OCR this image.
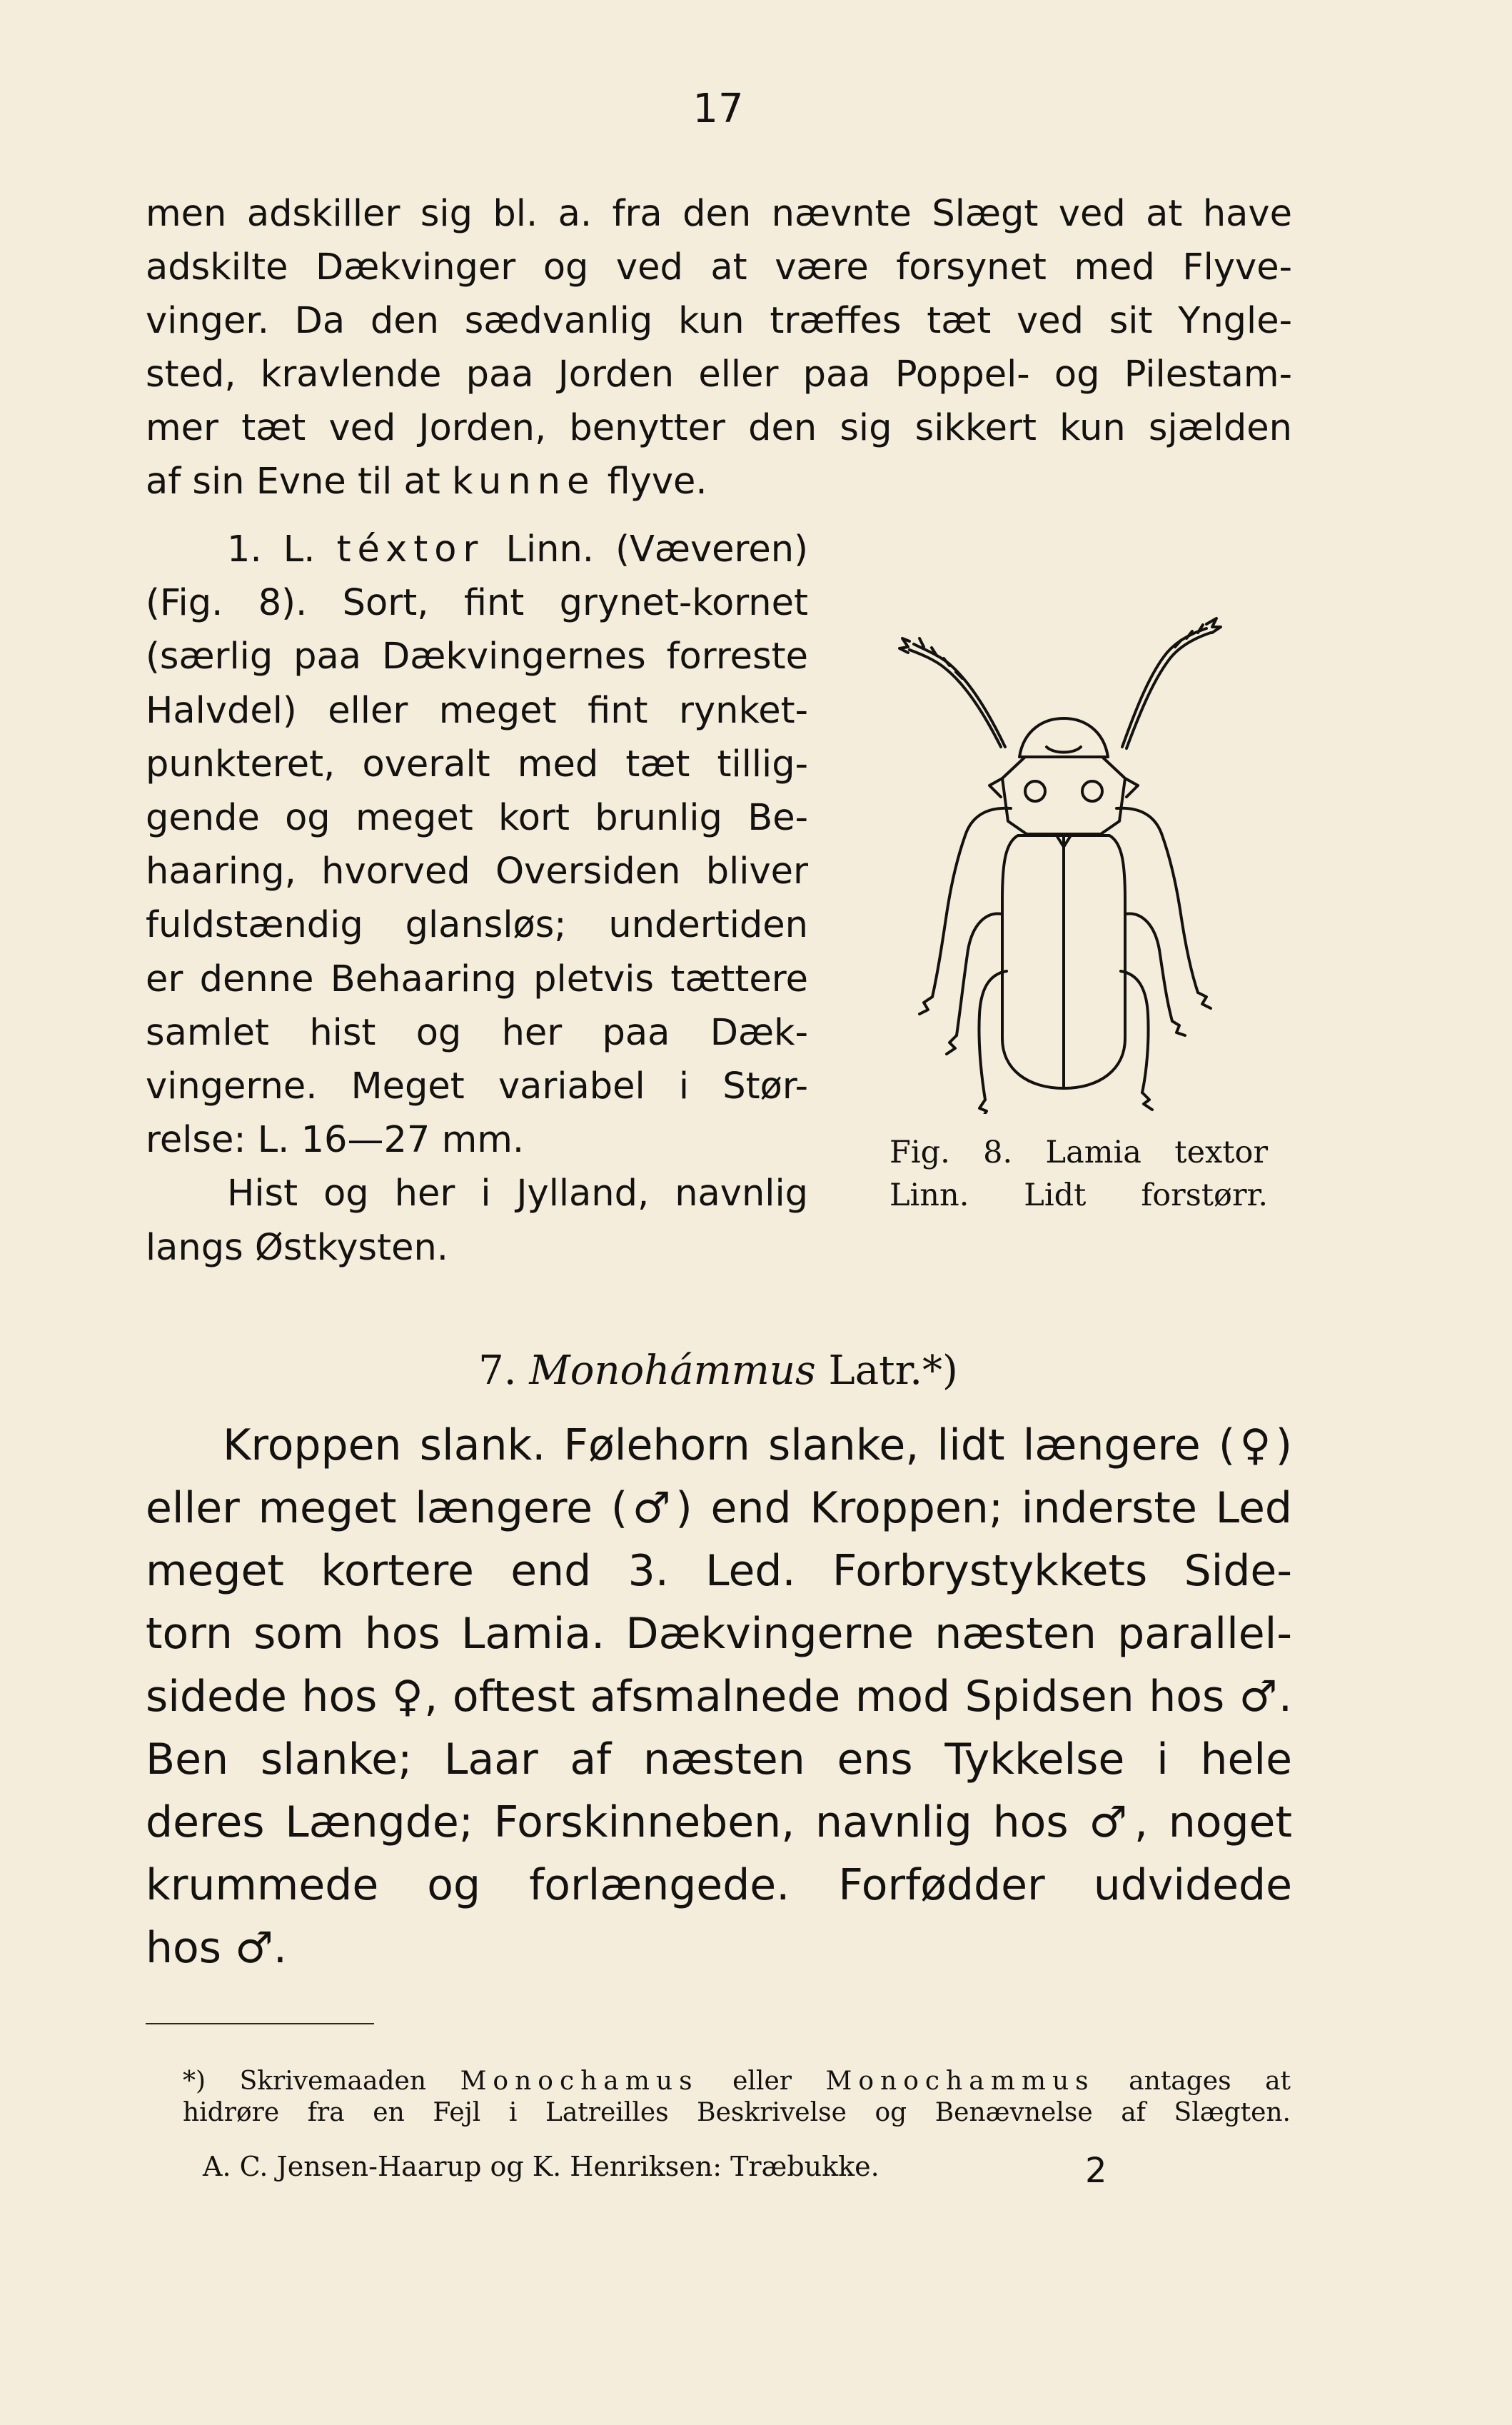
17
men adskiller sig bl. a. fra den nævnte Slægt ved at have
adskilte Dækvinger og ved at være forsynet med Flyve-
vinger. Da den sædvanlig kun træffes tæt ved sit Yngle-
sted, kravlende paa Jorden eller paa Poppel- og Pilestam-
mer tæt ved Jorden, benytter den sig sikkert kun sjælden
af sin Evne til at kunne flyve.
1. L. téxtor Linn. (Væveren)
(Fig. 8). Sort, fint grynet-kornet
(særlig paa Dækvingernes forreste
Halvdel) eller meget fint rynket-
punkteret, overalt med tæt tillig-
gende og meget kort brunlig Be-
haaring, hvorved Oversiden bliver
fuldstændig glansløs; undertiden
er denne Behaaring pletvis tættere
samlet hist og her paa Dæk-
vingerne. Meget variabel i Stør-
relse: L. 16—27 mm.
Hist og her i Jylland, navnlig
langs Østkysten.
Fig. 8. Lamia textor
Linn. Lidt forstørr.
7. Monohámmus Latr.*)
Kroppen slank. Følehorn slanke, lidt længere (♀)
eller meget længere (♂) end Kroppen; inderste Led
meget kortere end 3. Led. Forbrystykkets Side-
torn som hos Lamia. Dækvingerne næsten parallel-
sidede hos ♀, oftest afsmalnede mod Spidsen hos ♂.
Ben slanke; Laar af næsten ens Tykkelse i hele
deres Længde; Forskinneben, navnlig hos ♂, noget
krummede og forlængede. Forfødder udvidede
hos ♂.
*) Skrivemaaden Monochamus eller Monochammus antages at
hidrøre fra en Fejl i Latreilles Beskrivelse og Benævnelse af Slægten.
A. C. Jensen-Haarup og K. Henriksen: Træbukke.	2
